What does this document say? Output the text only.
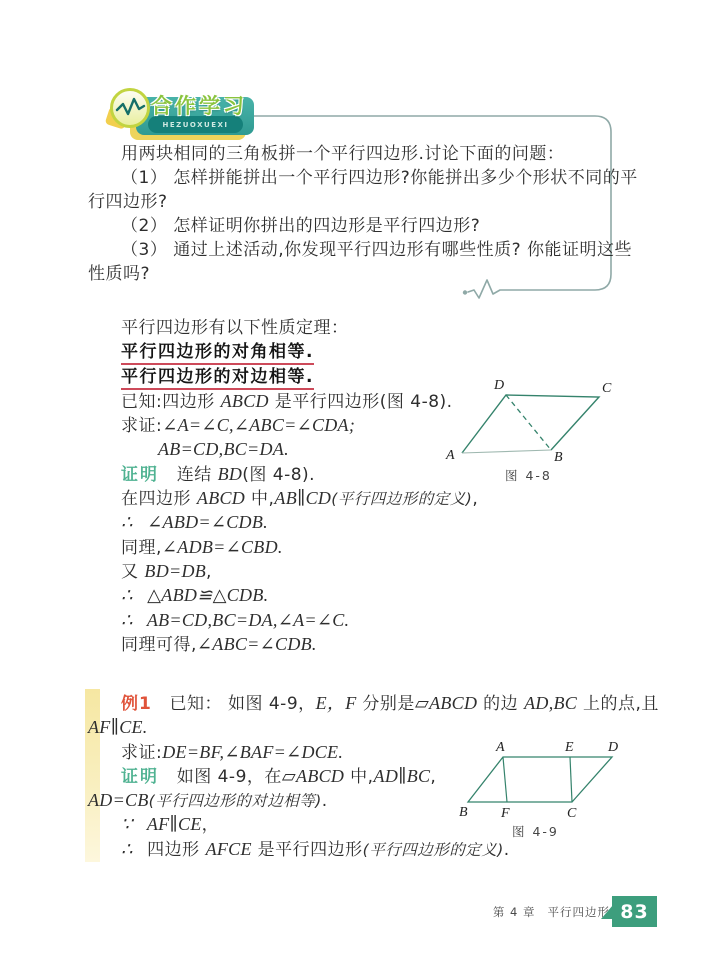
HEZUOXUEXI
合作学习
用两块相同的三角板拼一个平行四边形.讨论下面的问题：
（1） 怎样拼能拼出一个平行四边形?你能拼出多少个形状不同的平
行四边形?
（2） 怎样证明你拼出的四边形是平行四边形?
（3） 通过上述活动,你发现平行四边形有哪些性质? 你能证明这些
性质吗?
平行四边形有以下性质定理：
平行四边形的对角相等.
平行四边形的对边相等.
已知:四边形 ABCD 是平行四边形(图 4-8).
求证:∠A=∠C,∠ABC=∠CDA;
AB=CD,BC=DA.
证明   连结 BD(图 4-8).
在四边形 ABCD 中,AB∥CD(平行四边形的定义),
∴   ∠ABD=∠CDB.
同理,∠ADB=∠CBD.
又 BD=DB,
∴   △ABD≌△CDB.
∴   AB=CD,BC=DA,∠A=∠C.
同理可得,∠ABC=∠CDB.
A	B
C
D
图 4-8
例1   已知： 如图 4-9，E，F 分别是▱ABCD 的边 AD,BC 上的点,且
AF∥CE.
求证:DE=BF,∠BAF=∠DCE.
证明   如图 4-9，在▱ABCD 中,AD∥BC,
AD=CB(平行四边形的对边相等).
∵   AF∥CE，
∴   四边形 AFCE 是平行四边形(平行四边形的定义).
A	E D
B F	C
图 4-9
第 4 章 平行四边形 83
